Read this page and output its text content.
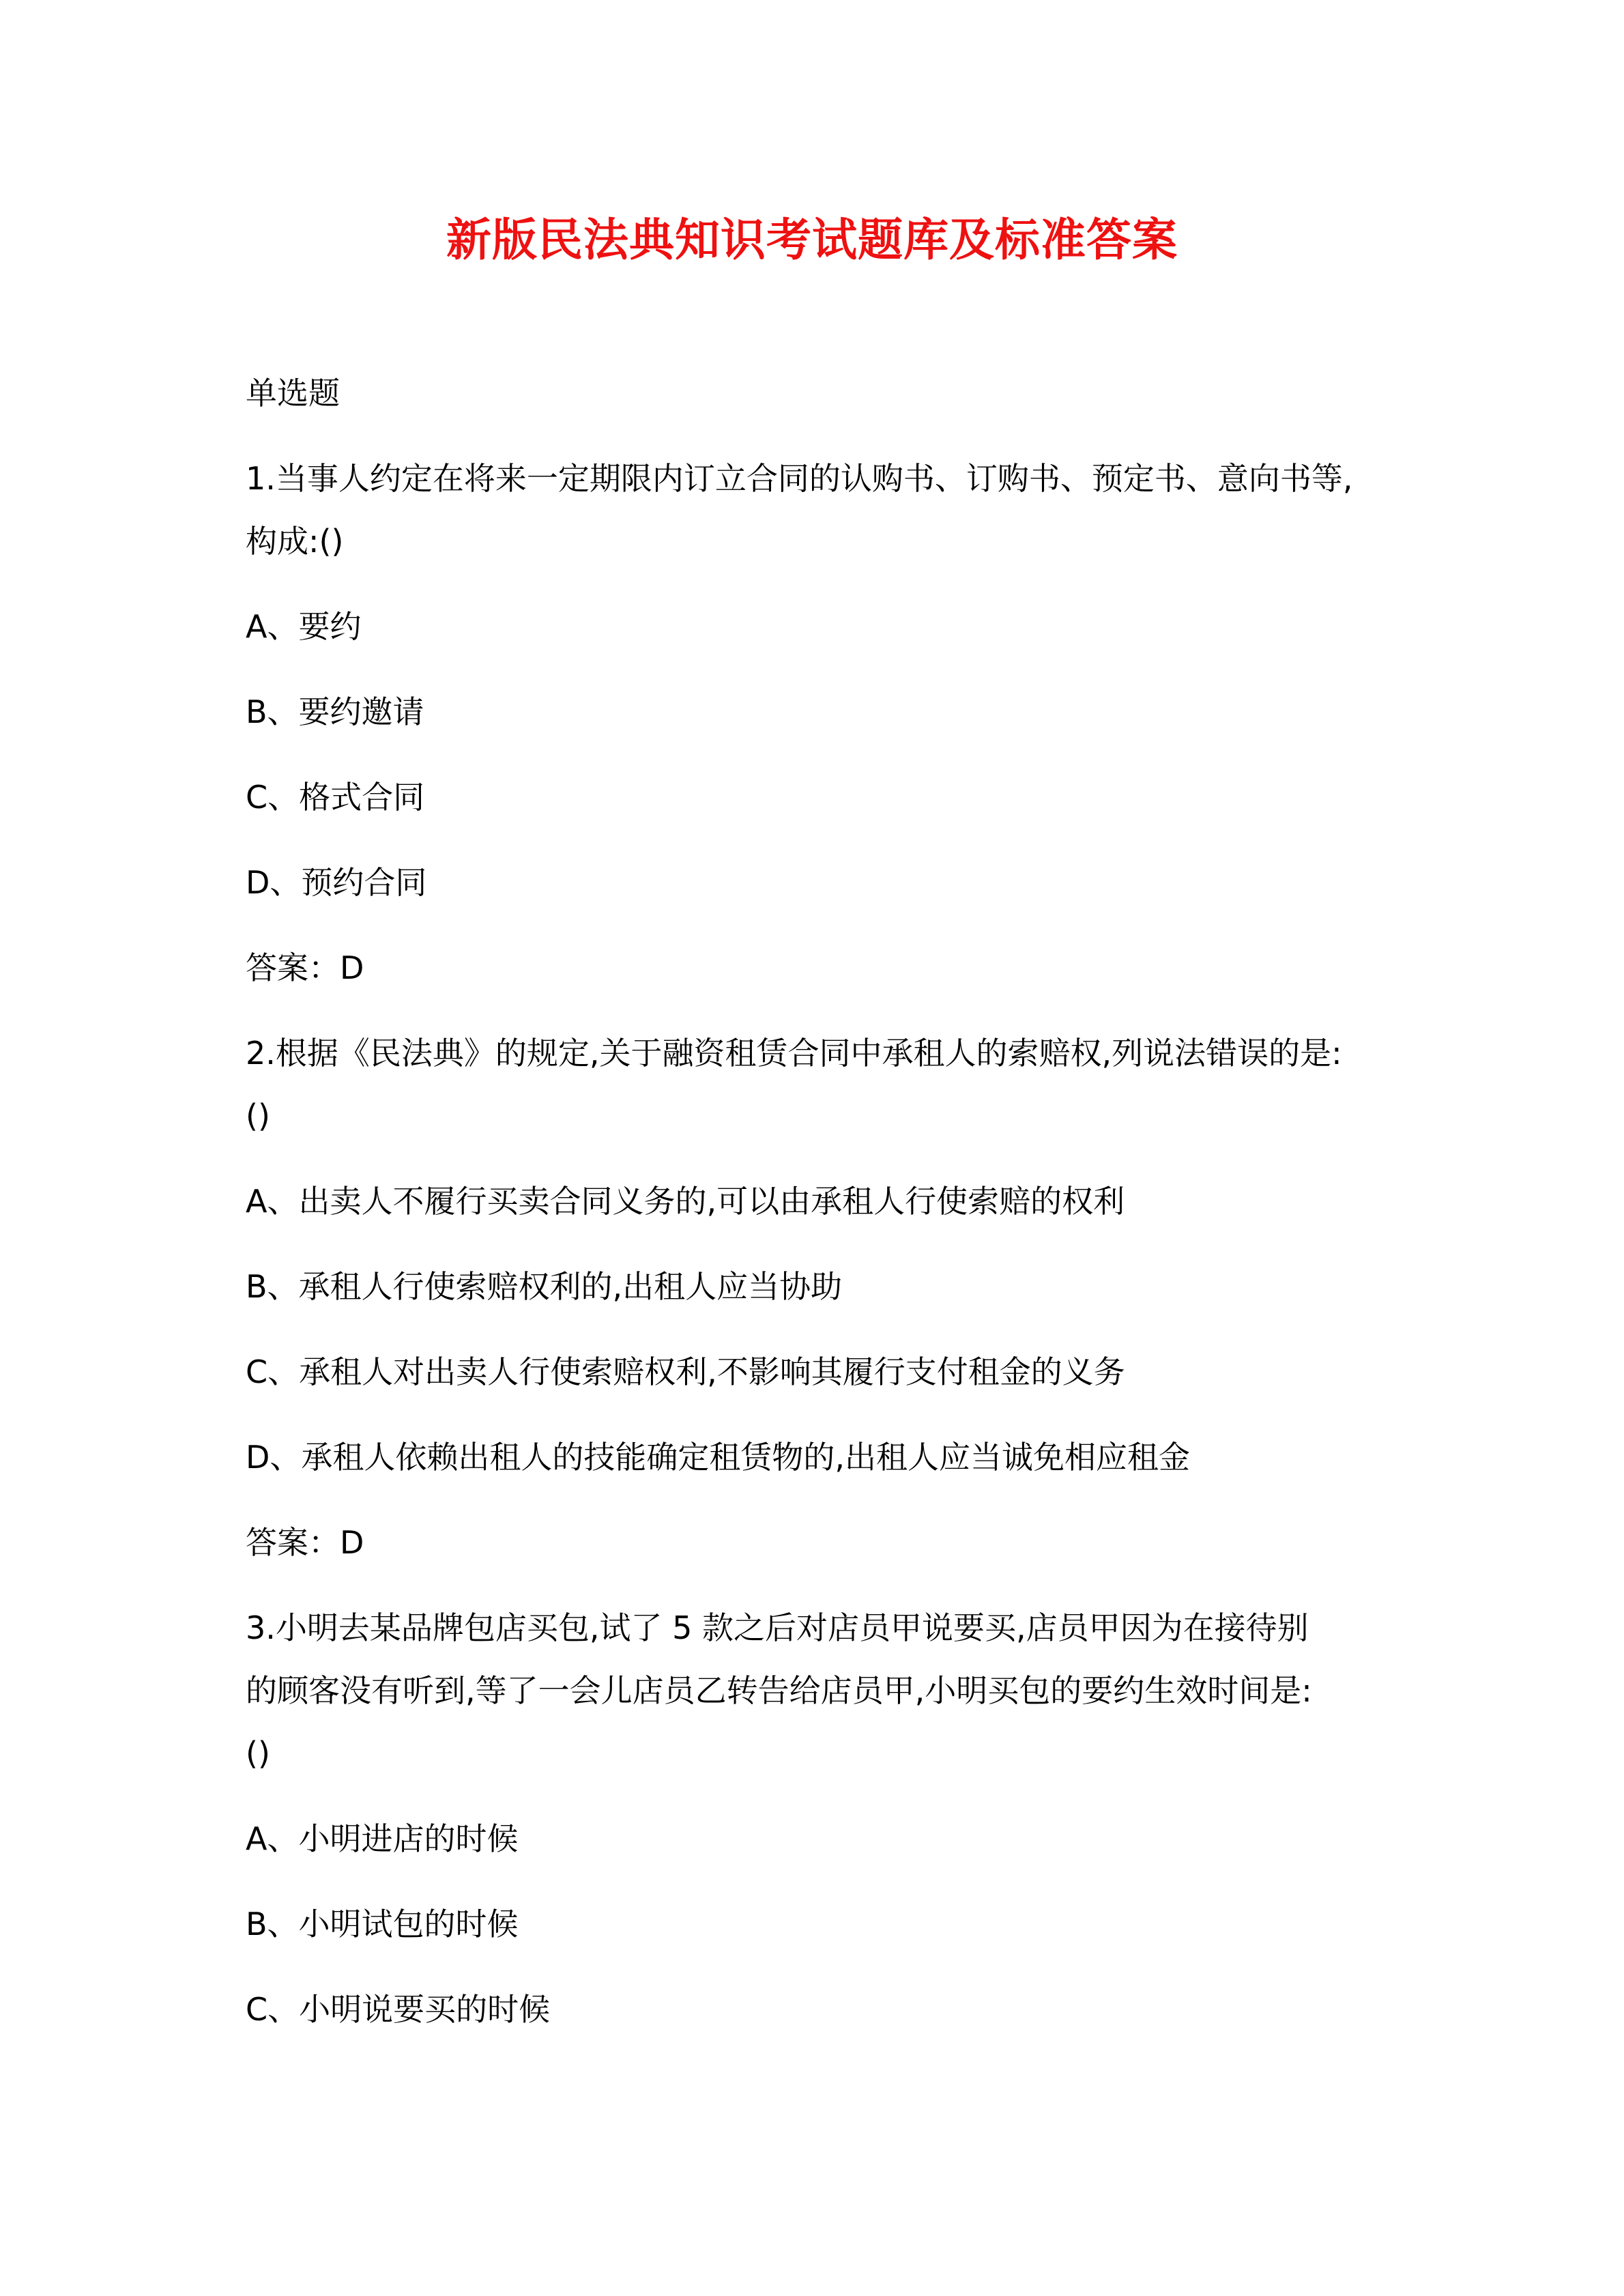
新版民法典知识考试题库及标准答案

单选题

1.当事人约定在将来一定期限内订立合同的认购书、订购书、预定书、意向书等,

构成:()

A、要约

B、要约邀请

C、格式合同

D、预约合同

答案：D

2.根据《民法典》的规定,关于融资租赁合同中承租人的索赔权,列说法错误的是:

()

A、出卖人不履行买卖合同义务的,可以由承租人行使索赔的权利

B、承租人行使索赔权利的,出租人应当协助

C、承租人对出卖人行使索赔权利,不影响其履行支付租金的义务

D、承租人依赖出租人的技能确定租赁物的,出租人应当诚免相应租金

答案：D

3.小明去某品牌包店买包,试了 5 款之后对店员甲说要买,店员甲因为在接待别

的顾客没有听到,等了一会儿店员乙转告给店员甲,小明买包的要约生效时间是:

()

A、小明进店的时候

B、小明试包的时候

C、小明说要买的时候
